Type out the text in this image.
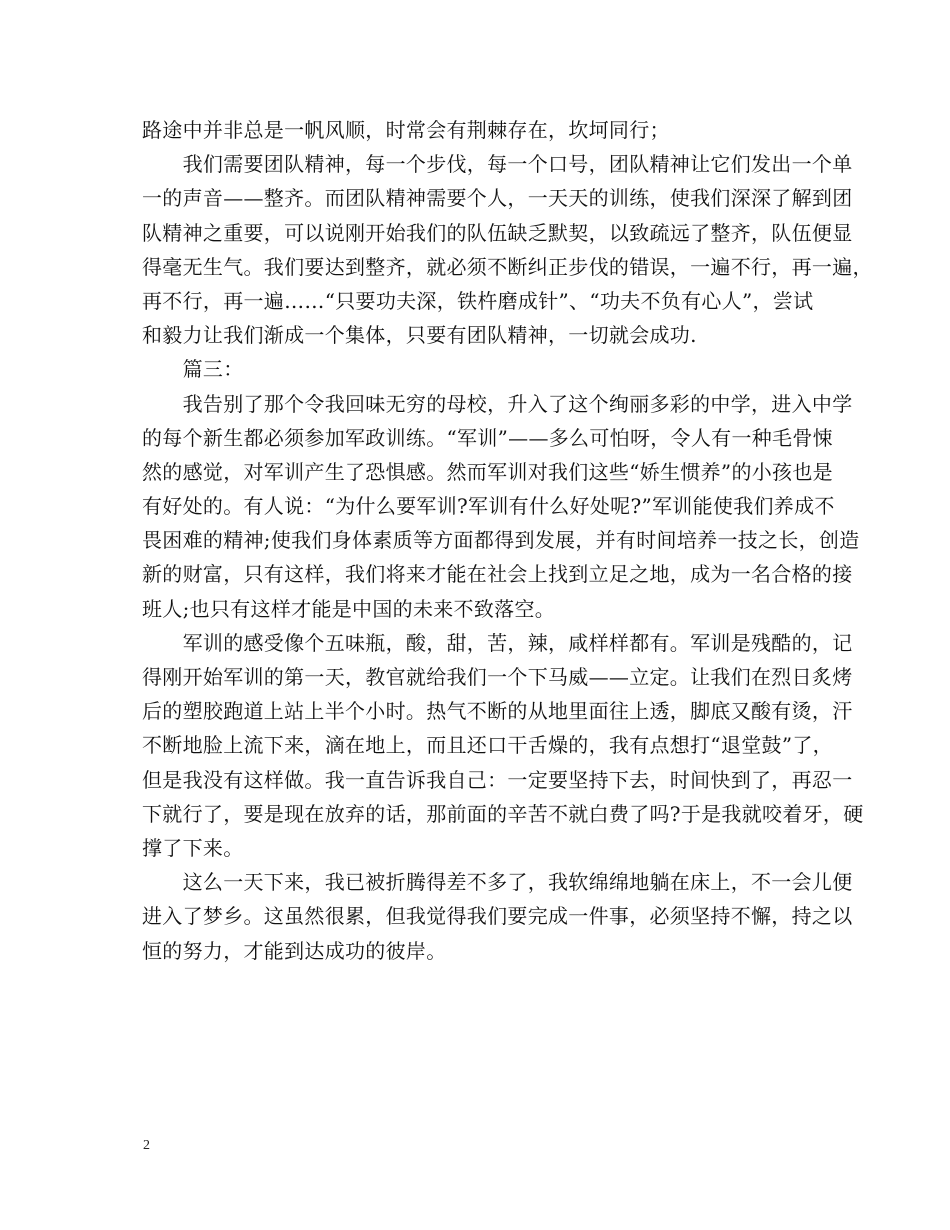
路途中并非总是一帆风顺，时常会有荆棘存在，坎坷同行；
　　我们需要团队精神，每一个步伐，每一个口号，团队精神让它们发出一个单
一的声音——整齐。而团队精神需要个人，一天天的训练，使我们深深了解到团
队精神之重要，可以说刚开始我们的队伍缺乏默契，以致疏远了整齐，队伍便显
得毫无生气。我们要达到整齐，就必须不断纠正步伐的错误，一遍不行，再一遍，
再不行，再一遍……“只要功夫深，铁杵磨成针”、“功夫不负有心人”，尝试
和毅力让我们渐成一个集体，只要有团队精神，一切就会成功.
　　篇三：
　　我告别了那个令我回味无穷的母校，升入了这个绚丽多彩的中学，进入中学
的每个新生都必须参加军政训练。“军训”——多么可怕呀，令人有一种毛骨悚
然的感觉，对军训产生了恐惧感。然而军训对我们这些“娇生惯养”的小孩也是
有好处的。有人说：“为什么要军训?军训有什么好处呢?”军训能使我们养成不
畏困难的精神;使我们身体素质等方面都得到发展，并有时间培养一技之长，创造
新的财富，只有这样，我们将来才能在社会上找到立足之地，成为一名合格的接
班人;也只有这样才能是中国的未来不致落空。
　　军训的感受像个五味瓶，酸，甜，苦，辣，咸样样都有。军训是残酷的，记
得刚开始军训的第一天，教官就给我们一个下马威——立定。让我们在烈日炙烤
后的塑胶跑道上站上半个小时。热气不断的从地里面往上透，脚底又酸有烫，汗
不断地脸上流下来，滴在地上，而且还口干舌燥的，我有点想打“退堂鼓”了，
但是我没有这样做。我一直告诉我自己：一定要坚持下去，时间快到了，再忍一
下就行了，要是现在放弃的话，那前面的辛苦不就白费了吗?于是我就咬着牙，硬
撑了下来。
　　这么一天下来，我已被折腾得差不多了，我软绵绵地躺在床上，不一会儿便
进入了梦乡。这虽然很累，但我觉得我们要完成一件事，必须坚持不懈，持之以
恒的努力，才能到达成功的彼岸。
2
